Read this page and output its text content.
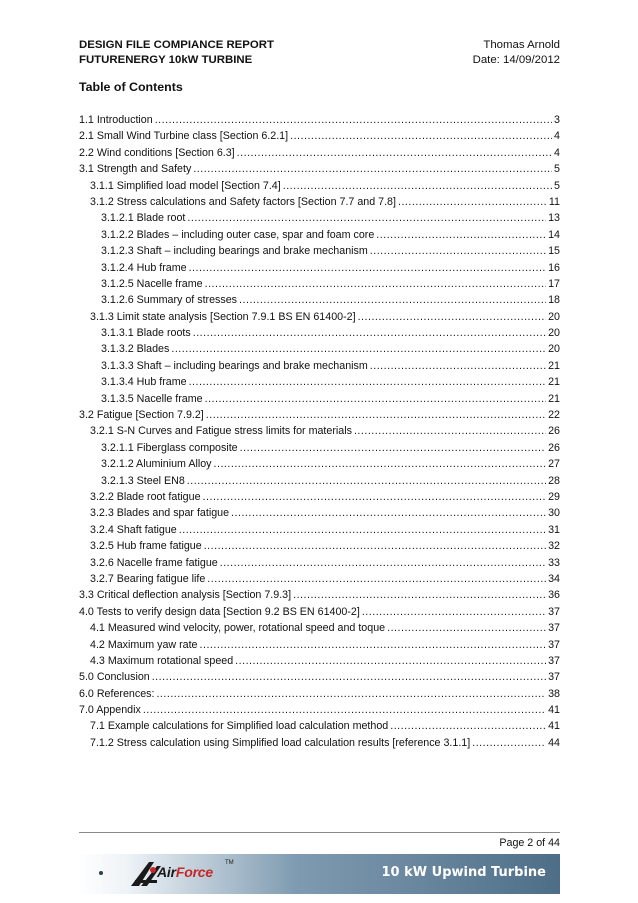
DESIGN FILE COMPIANCE REPORT	Thomas Arnold
FUTURENERGY 10kW TURBINE	Date: 14/09/2012
Table of Contents
1.1 Introduction .....	3
2.1 Small Wind Turbine class [Section 6.2.1] .....	4
2.2 Wind conditions [Section 6.3] .....	4
3.1 Strength and Safety .....	5
3.1.1 Simplified load model [Section 7.4] .....	5
3.1.2 Stress calculations and Safety factors [Section 7.7 and 7.8] .....	11
3.1.2.1 Blade root .....	13
3.1.2.2 Blades – including outer case, spar and foam core .....	14
3.1.2.3 Shaft – including bearings and brake mechanism .....	15
3.1.2.4 Hub frame .....	16
3.1.2.5 Nacelle frame .....	17
3.1.2.6 Summary of stresses .....	18
3.1.3 Limit state analysis [Section 7.9.1 BS EN 61400-2] .....	20
3.1.3.1 Blade roots .....	20
3.1.3.2 Blades .....	20
3.1.3.3 Shaft – including bearings and brake mechanism .....	21
3.1.3.4 Hub frame .....	21
3.1.3.5 Nacelle frame .....	21
3.2 Fatigue [Section 7.9.2] .....	22
3.2.1 S-N Curves and Fatigue stress limits for materials .....	26
3.2.1.1 Fiberglass composite .....	26
3.2.1.2 Aluminium Alloy .....	27
3.2.1.3 Steel EN8 .....	28
3.2.2 Blade root fatigue .....	29
3.2.3 Blades and spar fatigue .....	30
3.2.4 Shaft fatigue .....	31
3.2.5 Hub frame fatigue .....	32
3.2.6 Nacelle frame fatigue .....	33
3.2.7 Bearing fatigue life .....	34
3.3 Critical deflection analysis [Section 7.9.3] .....	36
4.0 Tests to verify design data [Section 9.2 BS EN 61400-2] .....	37
4.1 Measured wind velocity, power, rotational speed and toque .....	37
4.2 Maximum yaw rate .....	37
4.3 Maximum rotational speed .....	37
5.0 Conclusion .....	37
6.0 References: .....	38
7.0 Appendix .....	41
7.1 Example calculations for Simplified load calculation method .....	41
7.1.2 Stress calculation using Simplified load calculation results [reference 3.1.1] .....	44
Page 2 of 44
AirForce
TM
10 kW Upwind Turbine
